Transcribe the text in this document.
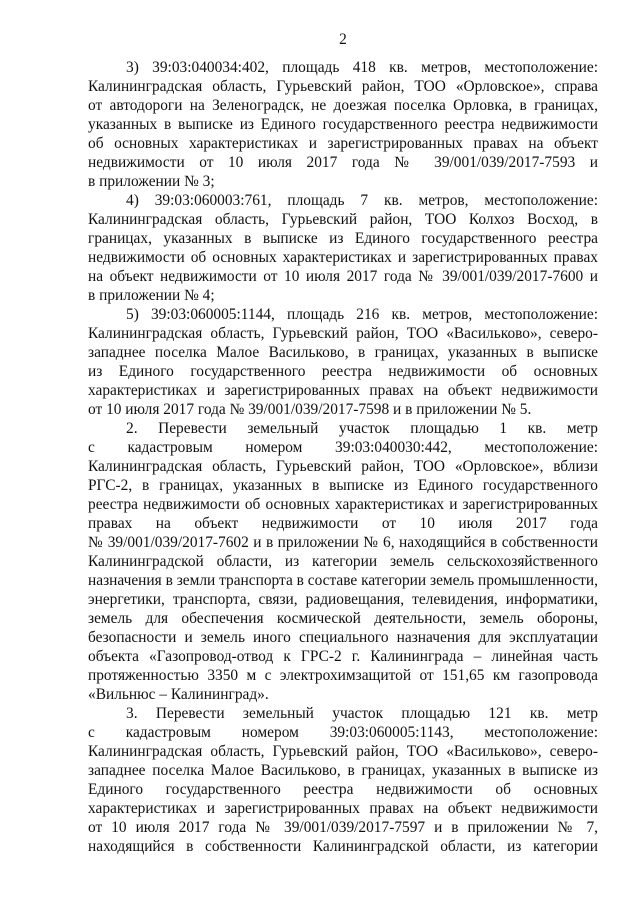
2

3) 39:03:040034:402, площадь 418 кв. метров, местоположение:
Калининградская область, Гурьевский район, ТОО «Орловское», справа
от автодороги на Зеленоградск, не доезжая поселка Орловка, в границах,
указанных в выписке из Единого государственного реестра недвижимости
об основных характеристиках и зарегистрированных правах на объект
недвижимости от 10 июля 2017 года № 39/001/039/2017-7593 и
в приложении № 3;

4) 39:03:060003:761, площадь 7 кв. метров, местоположение:
Калининградская область, Гурьевский район, ТОО Колхоз Восход, в
границах, указанных в выписке из Единого государственного реестра
недвижимости об основных характеристиках и зарегистрированных правах
на объект недвижимости от 10 июля 2017 года № 39/001/039/2017-7600 и
в приложении № 4;

5) 39:03:060005:1144, площадь 216 кв. метров, местоположение:
Калининградская область, Гурьевский район, ТОО «Васильково», северо-
западнее поселка Малое Васильково, в границах, указанных в выписке
из Единого государственного реестра недвижимости об основных
характеристиках и зарегистрированных правах на объект недвижимости
от 10 июля 2017 года № 39/001/039/2017-7598 и в приложении № 5.

2. Перевести земельный участок площадью 1 кв. метр
с кадастровым номером 39:03:040030:442, местоположение:
Калининградская область, Гурьевский район, ТОО «Орловское», вблизи
РГС-2, в границах, указанных в выписке из Единого государственного
реестра недвижимости об основных характеристиках и зарегистрированных
правах на объект недвижимости от 10 июля 2017 года
№ 39/001/039/2017-7602 и в приложении № 6, находящийся в собственности
Калининградской области, из категории земель сельскохозяйственного
назначения в земли транспорта в составе категории земель промышленности,
энергетики, транспорта, связи, радиовещания, телевидения, информатики,
земель для обеспечения космической деятельности, земель обороны,
безопасности и земель иного специального назначения для эксплуатации
объекта «Газопровод-отвод к ГРС-2 г. Калининграда – линейная часть
протяженностью 3350 м с электрохимзащитой от 151,65 км газопровода
«Вильнюс – Калининград».

3. Перевести земельный участок площадью 121 кв. метр
с кадастровым номером 39:03:060005:1143, местоположение:
Калининградская область, Гурьевский район, ТОО «Васильково», северо-
западнее поселка Малое Васильково, в границах, указанных в выписке из
Единого государственного реестра недвижимости об основных
характеристиках и зарегистрированных правах на объект недвижимости
от 10 июля 2017 года № 39/001/039/2017-7597 и в приложении № 7,
находящийся в собственности Калининградской области, из категории
